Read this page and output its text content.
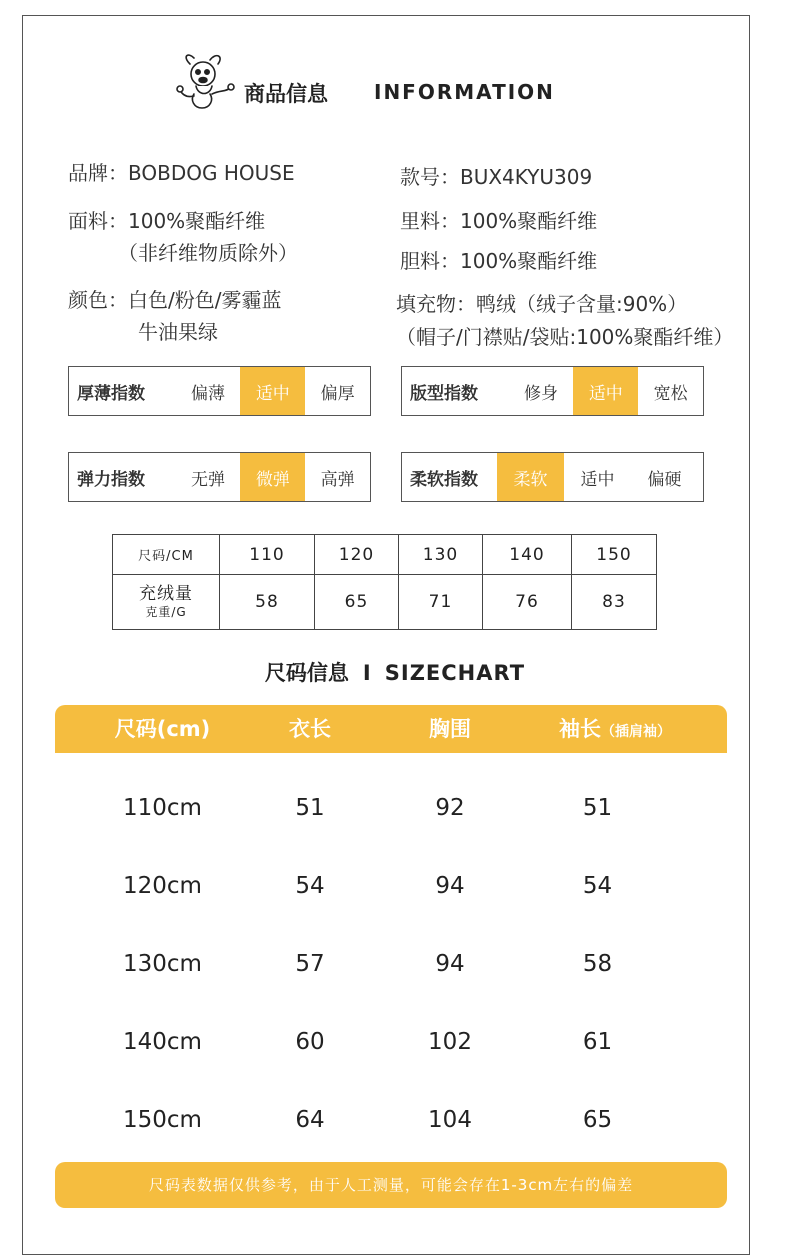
商品信息 INFORMATION
品牌：BOBDOG HOUSE	款号：BUX4KYU309
面料：100%聚酯纤维
（非纤维物质除外）
里料：100%聚酯纤维
胆料：100%聚酯纤维
颜色：白色/粉色/雾霾蓝
牛油果绿
填充物：鸭绒（绒子含量:90%）
（帽子/门襟贴/袋贴:100%聚酯纤维）
厚薄指数	偏薄	适中	偏厚	版型指数	修身	适中	宽松
弹力指数	无弹	微弹	高弹	柔软指数	柔软	适中	偏硬
尺码/CM	110	120	130	140	150
充绒量
克重/G	58	65	71	76	83
尺码信息 I SIZECHART
尺码(cm)	衣长	胸围	袖长（插肩袖）
110cm	51	92	51
120cm	54	94	54
130cm	57	94	58
140cm	60	102	61
150cm	64	104	65
尺码表数据仅供参考，由于人工测量，可能会存在1-3cm左右的偏差
